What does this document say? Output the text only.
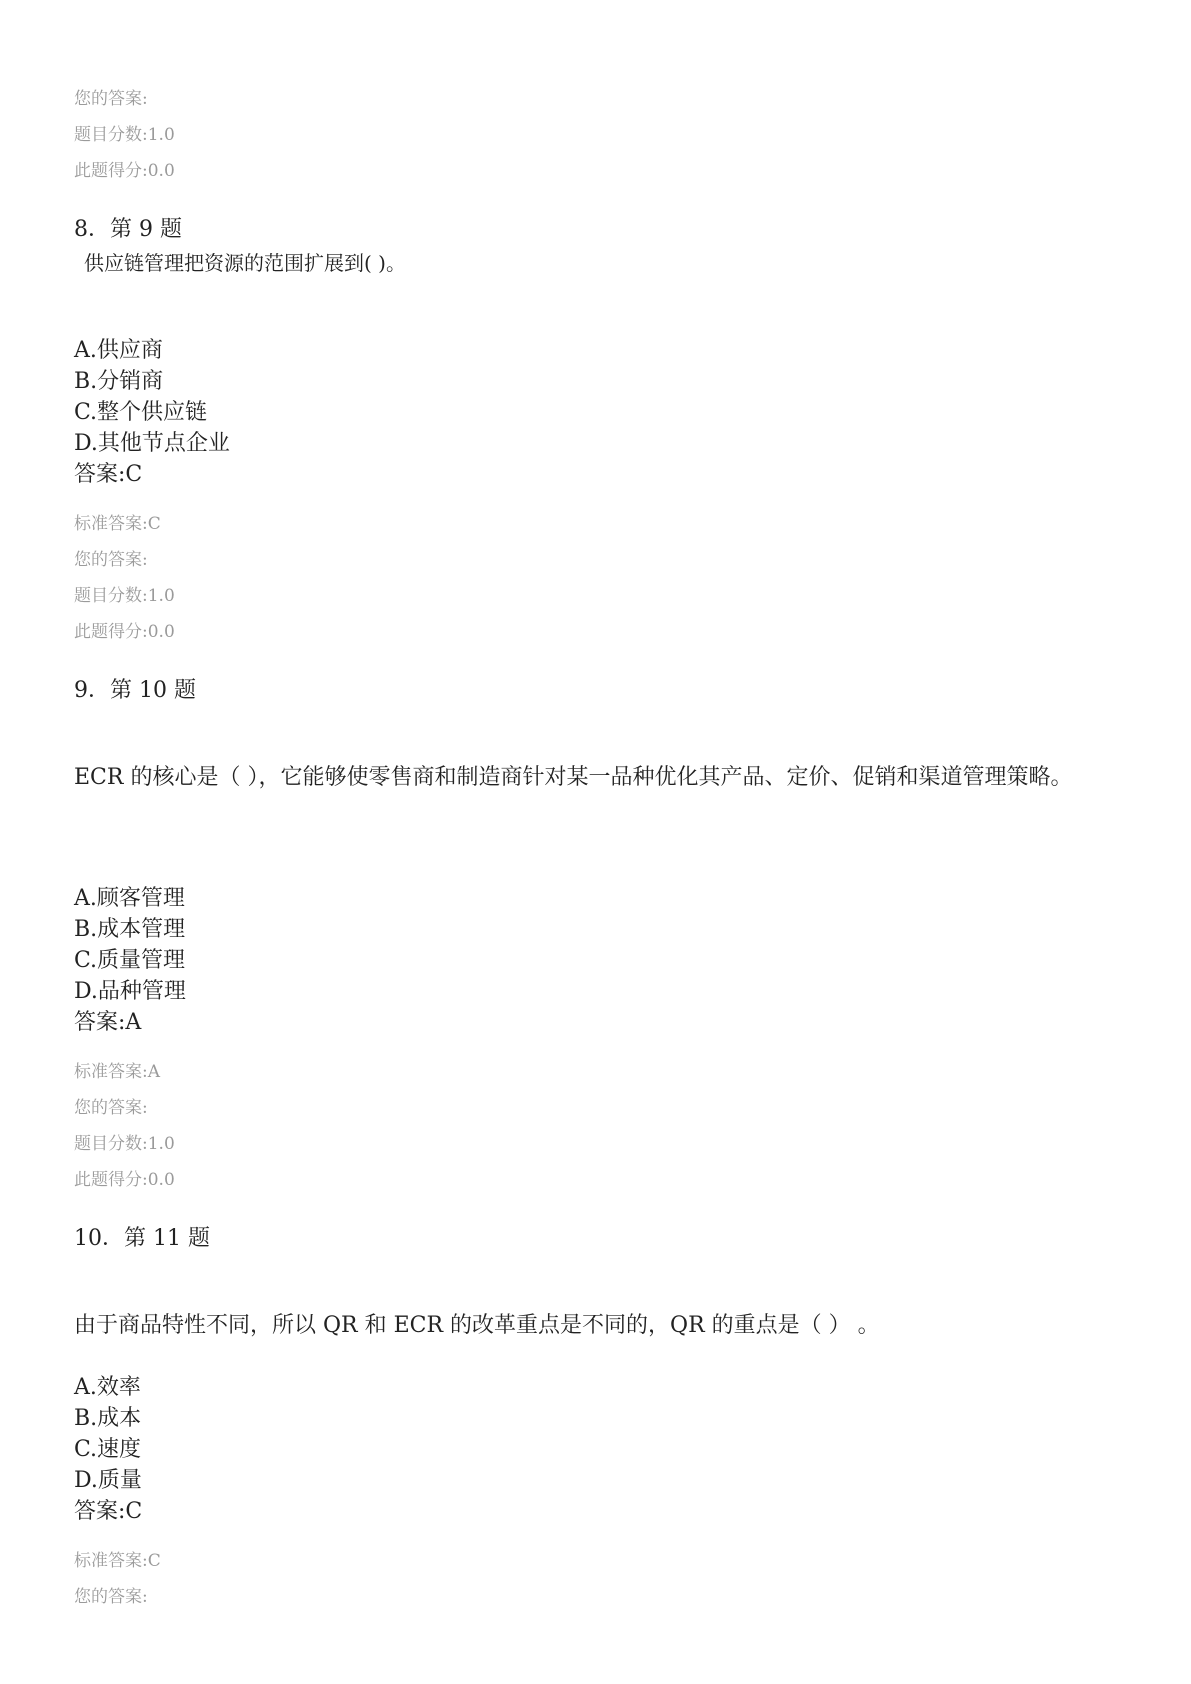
您的答案:
题目分数:1.0
此题得分:0.0
8．第 9 题
供应链管理把资源的范围扩展到( )。
A.供应商
B.分销商
C.整个供应链
D.其他节点企业
答案:C
标准答案:C
您的答案:
题目分数:1.0
此题得分:0.0
9．第 10 题
ECR 的核心是（ ），它能够使零售商和制造商针对某一品种优化其产品、定价、促销和渠道管理策略。
A.顾客管理
B.成本管理
C.质量管理
D.品种管理
答案:A
标准答案:A
您的答案:
题目分数:1.0
此题得分:0.0
10．第 11 题
由于商品特性不同，所以 QR 和 ECR 的改革重点是不同的，QR 的重点是（ ） 。
A.效率
B.成本
C.速度
D.质量
答案:C
标准答案:C
您的答案:
